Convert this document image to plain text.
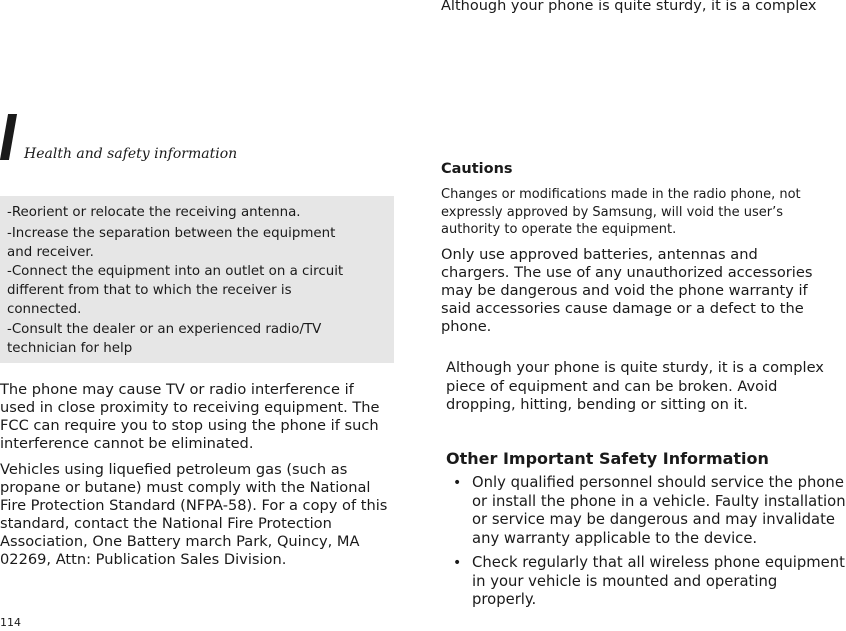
Although your phone is quite sturdy, it is a complex
Health and safety information
-Reorient or relocate the receiving antenna.
-Increase the separation between the equipment and receiver.
-Connect the equipment into an outlet on a circuit different from that to which the receiver is connected.
-Consult the dealer or an experienced radio/TV technician for help

The phone may cause TV or radio interference if used in close proximity to receiving equipment. The FCC can require you to stop using the phone if such interference cannot be eliminated.

Vehicles using liquefied petroleum gas (such as propane or butane) must comply with the National Fire Protection Standard (NFPA-58). For a copy of this standard, contact the National Fire Protection Association, One Battery march Park, Quincy, MA 02269, Attn: Publication Sales Division.

Cautions

Changes or modifications made in the radio phone, not expressly approved by Samsung, will void the user’s authority to operate the equipment.

Only use approved batteries, antennas and chargers. The use of any unauthorized accessories may be dangerous and void the phone warranty if said accessories cause damage or a defect to the phone.

Although your phone is quite sturdy, it is a complex piece of equipment and can be broken. Avoid dropping, hitting, bending or sitting on it.

Other Important Safety Information
• Only qualified personnel should service the phone or install the phone in a vehicle. Faulty installation or service may be dangerous and may invalidate any warranty applicable to the device.
• Check regularly that all wireless phone equipment in your vehicle is mounted and operating properly.
114
